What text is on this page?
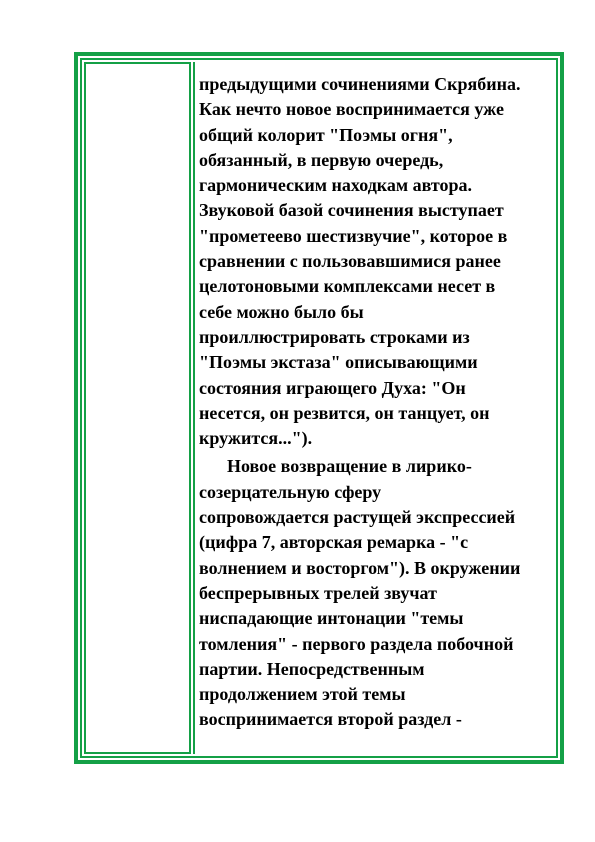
предыдущими сочинениями Скрябина.
Как нечто новое воспринимается уже
общий колорит "Поэмы огня",
обязанный, в первую очередь,
гармоническим находкам автора.
Звуковой базой сочинения выступает
"прометеево шестизвучие", которое в
сравнении с пользовавшимися ранее
целотоновыми комплексами несет в
себе можно было бы
проиллюстрировать строками из
"Поэмы экстаза" описывающими
состояния играющего Духа: "Он
несется, он резвится, он танцует, он
кружится...").

Новое возвращение в лирико-
созерцательную сферу
сопровождается растущей экспрессией
(цифра 7, авторская ремарка - "с
волнением и восторгом"). В окружении
беспрерывных трелей звучат
ниспадающие интонации "темы
томления" - первого раздела побочной
партии. Непосредственным
продолжением этой темы
воспринимается второй раздел -
